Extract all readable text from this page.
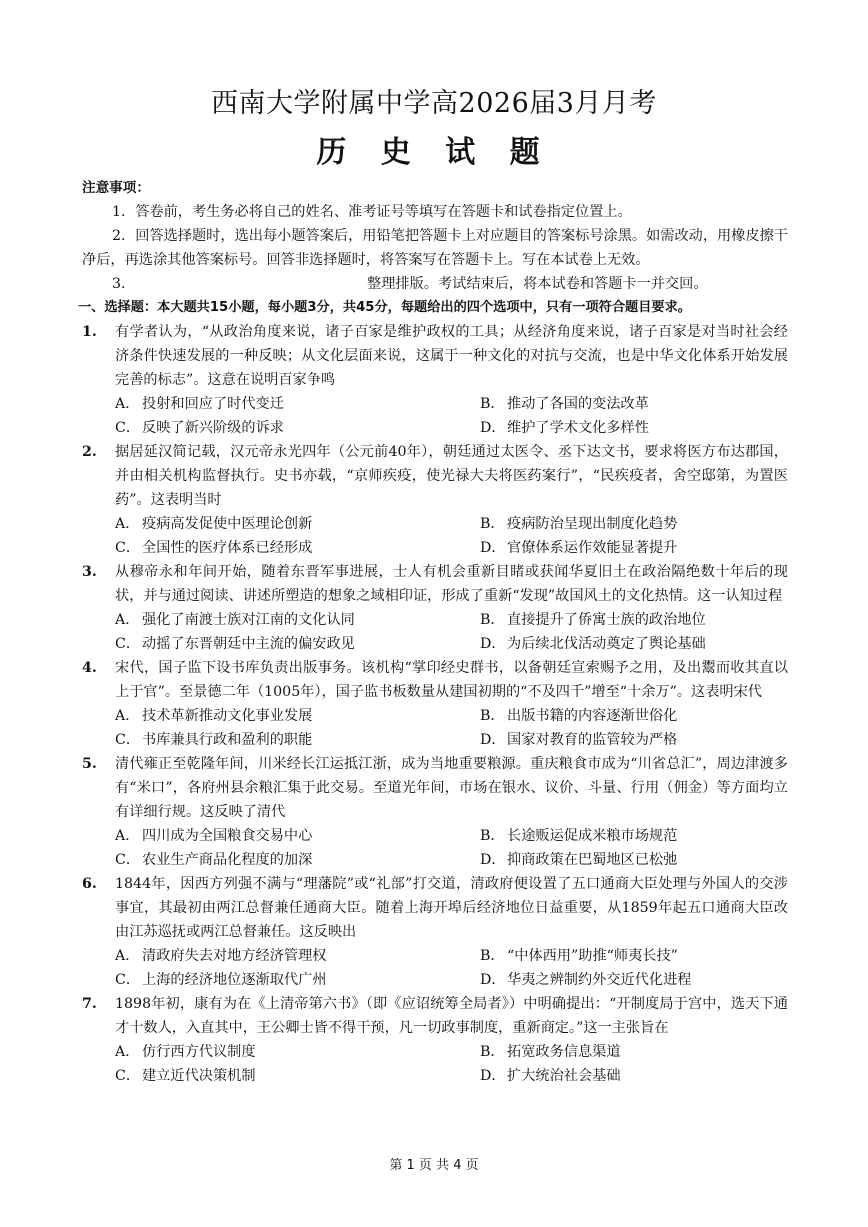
西南大学附属中学高2026届3月月考
历 史 试 题
注意事项：
1．答卷前，考生务必将自己的姓名、准考证号等填写在答题卡和试卷指定位置上。
2．回答选择题时，选出每小题答案后，用铅笔把答题卡上对应题目的答案标号涂黑。如需改动，用橡皮擦干净后，再选涂其他答案标号。回答非选择题时，将答案写在答题卡上。写在本试卷上无效。
3．	整理排版。考试结束后，将本试卷和答题卡一并交回。
一、选择题：本大题共15小题，每小题3分，共45分，每题给出的四个选项中，只有一项符合题目要求。
1.	有学者认为，“从政治角度来说，诸子百家是维护政权的工具；从经济角度来说，诸子百家是对当时社会经济条件快速发展的一种反映；从文化层面来说，这属于一种文化的对抗与交流，也是中华文化体系开始发展完善的标志”。这意在说明百家争鸣
A． 投射和回应了时代变迁	B． 推动了各国的变法改革
C． 反映了新兴阶级的诉求	D． 维护了学术文化多样性
2.	据居延汉简记载，汉元帝永光四年（公元前40年），朝廷通过太医令、丞下达文书，要求将医方布达郡国，并由相关机构监督执行。史书亦载，“京师疾疫，使光禄大夫将医药案行”，“民疾疫者，舍空邸第，为置医药”。这表明当时
A． 疫病高发促使中医理论创新	B． 疫病防治呈现出制度化趋势
C． 全国性的医疗体系已经形成	D． 官僚体系运作效能显著提升
3.	从穆帝永和年间开始，随着东晋军事进展，士人有机会重新目睹或获闻华夏旧土在政治隔绝数十年后的现状，并与通过阅读、讲述所塑造的想象之域相印证，形成了重新“发现”故国风土的文化热情。这一认知过程
A． 强化了南渡士族对江南的文化认同	B． 直接提升了侨寓士族的政治地位
C． 动摇了东晋朝廷中主流的偏安政见	D． 为后续北伐活动奠定了舆论基础
4.	宋代，国子监下设书库负责出版事务。该机构“掌印经史群书，以备朝廷宣索赐予之用，及出鬻而收其直以上于官”。至景德二年（1005年），国子监书板数量从建国初期的“不及四千”增至“十余万”。这表明宋代
A． 技术革新推动文化事业发展	B． 出版书籍的内容逐渐世俗化
C． 书库兼具行政和盈利的职能	D． 国家对教育的监管较为严格
5.	清代雍正至乾隆年间，川米经长江运抵江浙，成为当地重要粮源。重庆粮食市成为“川省总汇”，周边津渡多有“米口”，各府州县余粮汇集于此交易。至道光年间，市场在银水、议价、斗量、行用（佣金）等方面均立有详细行规。这反映了清代
A． 四川成为全国粮食交易中心	B． 长途贩运促成米粮市场规范
C． 农业生产商品化程度的加深	D． 抑商政策在巴蜀地区已松弛
6.	1844年，因西方列强不满与“理藩院”或“礼部”打交道，清政府便设置了五口通商大臣处理与外国人的交涉事宜，其最初由两江总督兼任通商大臣。随着上海开埠后经济地位日益重要，从1859年起五口通商大臣改由江苏巡抚或两江总督兼任。这反映出
A． 清政府失去对地方经济管理权	B． “中体西用”助推“师夷长技”
C． 上海的经济地位逐渐取代广州	D． 华夷之辨制约外交近代化进程
7.	1898年初，康有为在《上清帝第六书》（即《应诏统筹全局者》）中明确提出：“开制度局于宫中，选天下通才十数人，入直其中，王公卿士皆不得干预，凡一切政事制度，重新商定。”这一主张旨在
A． 仿行西方代议制度	B． 拓宽政务信息渠道
C． 建立近代决策机制	D． 扩大统治社会基础
第 1 页 共 4 页
